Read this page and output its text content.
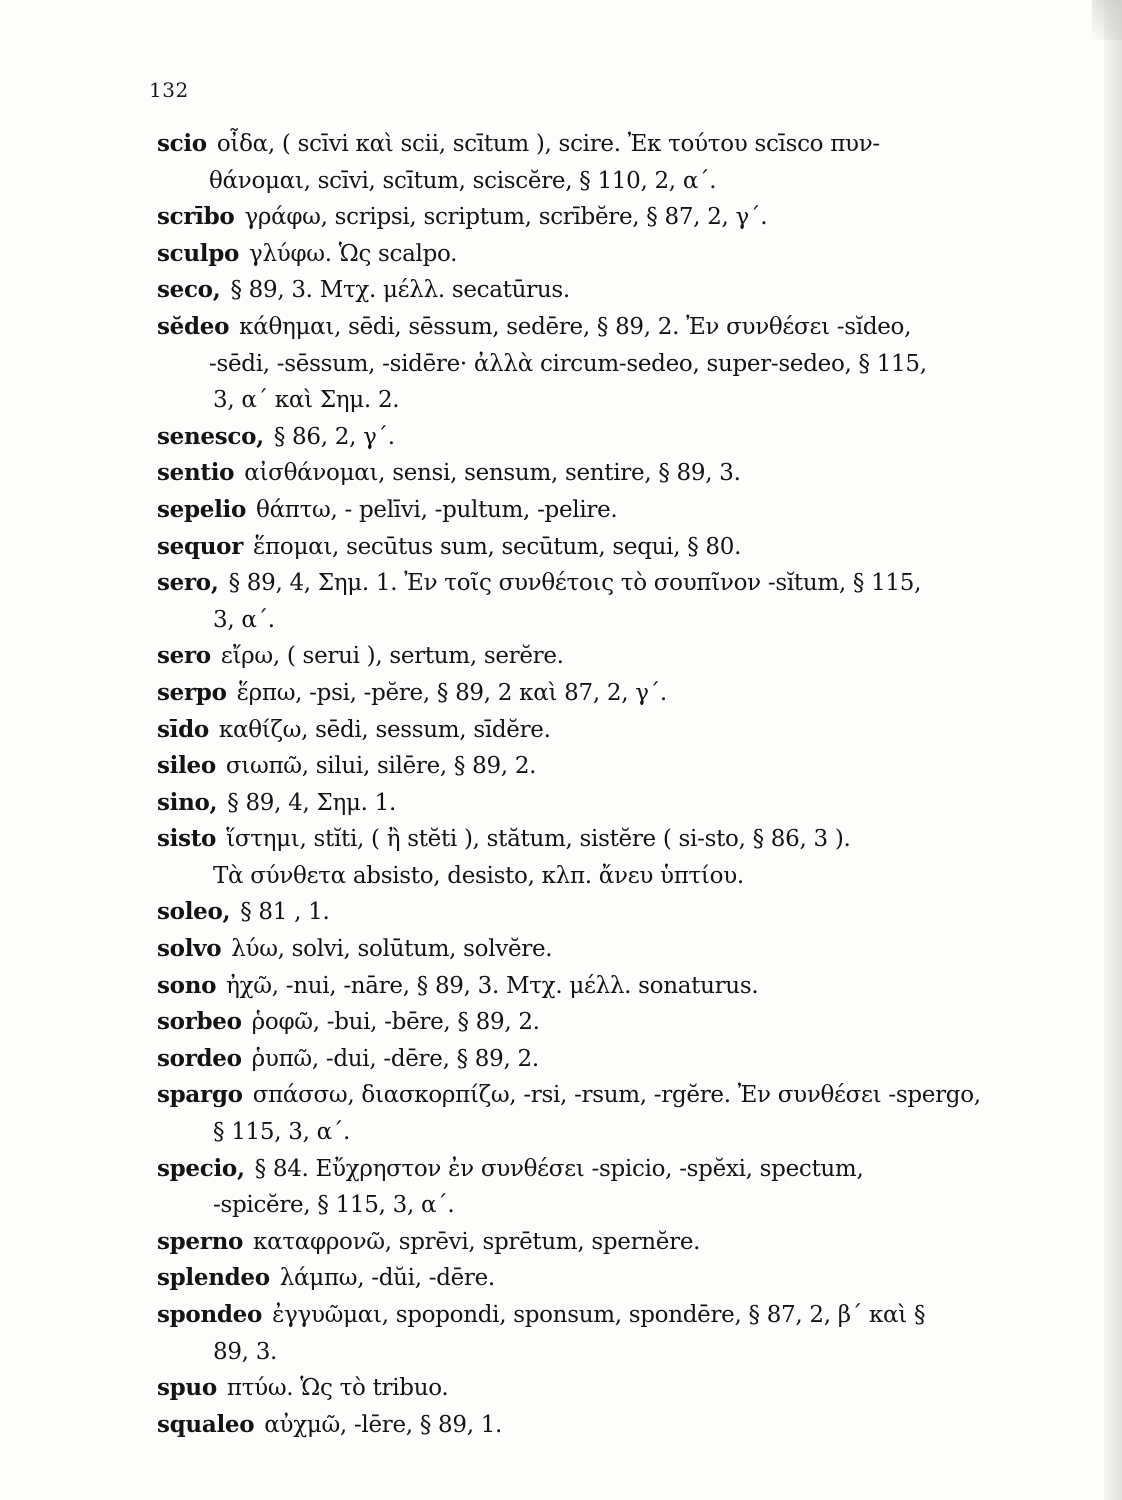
132
scio οἶδα, ( scīvi καὶ scii, scītum ), scire. Ἐκ τούτου scīsco πυν-
θάνομαι, scīvi, scītum, sciscĕre, § 110, 2, α΄.
scrībo γράφω, scripsi, scriptum, scrībĕre, § 87, 2, γ΄.
sculpo γλύφω. Ὡς scalpo.
seco, § 89, 3. Μτχ. μέλλ. secatūrus.
sĕdeo κάθημαι, sēdi, sēssum, sedēre, § 89, 2. Ἐν συνθέσει -sĭdeo,
-sēdi, -sēssum, -sidēre· ἀλλὰ circum-sedeo, super-sedeo, § 115,
3, α΄ καὶ Σημ. 2.
senesco, § 86, 2, γ΄.
sentio αἰσθάνομαι, sensi, sensum, sentire, § 89, 3.
sepelio θάπτω, - pelīvi, -pultum, -pelire.
sequor ἕπομαι, secūtus sum, secūtum, sequi, § 80.
sero, § 89, 4, Σημ. 1. Ἐν τοῖς συνθέτοις τὸ σουπῖνον -sĭtum, § 115,
3, α΄.
sero εἴρω, ( serui ), sertum, serĕre.
serpo ἕρπω, -psi, -pĕre, § 89, 2 καὶ 87, 2, γ΄.
sīdo καθίζω, sēdi, sessum, sīdĕre.
sileo σιωπῶ, silui, silēre, § 89, 2.
sino, § 89, 4, Σημ. 1.
sisto ἵστημι, stĭti, ( ἢ stĕti ), stătum, sistĕre ( si-sto, § 86, 3 ).
Τὰ σύνθετα absisto, desisto, κλπ. ἄνευ ὑπτίου.
soleo, § 81 , 1.
solvo λύω, solvi, solūtum, solvĕre.
sono ἠχῶ, -nui, -nāre, § 89, 3. Μτχ. μέλλ. sonaturus.
sorbeo ῥοφῶ, -bui, -bēre, § 89, 2.
sordeo ῥυπῶ, -dui, -dēre, § 89, 2.
spargo σπάσσω, διασκορπίζω, -rsi, -rsum, -rgĕre. Ἐν συνθέσει -spergo,
§ 115, 3, α΄.
specio, § 84. Εὔχρηστον ἐν συνθέσει -spicio, -spĕxi, spectum,
-spicĕre, § 115, 3, α΄.
sperno καταφρονῶ, sprēvi, sprētum, spernĕre.
splendeo λάμπω, -dŭi, -dēre.
spondeo ἐγγυῶμαι, spopondi, sponsum, spondēre, § 87, 2, β΄ καὶ §
89, 3.
spuo πτύω. Ὡς τὸ tribuo.
squaleo αὐχμῶ, -lēre, § 89, 1.
